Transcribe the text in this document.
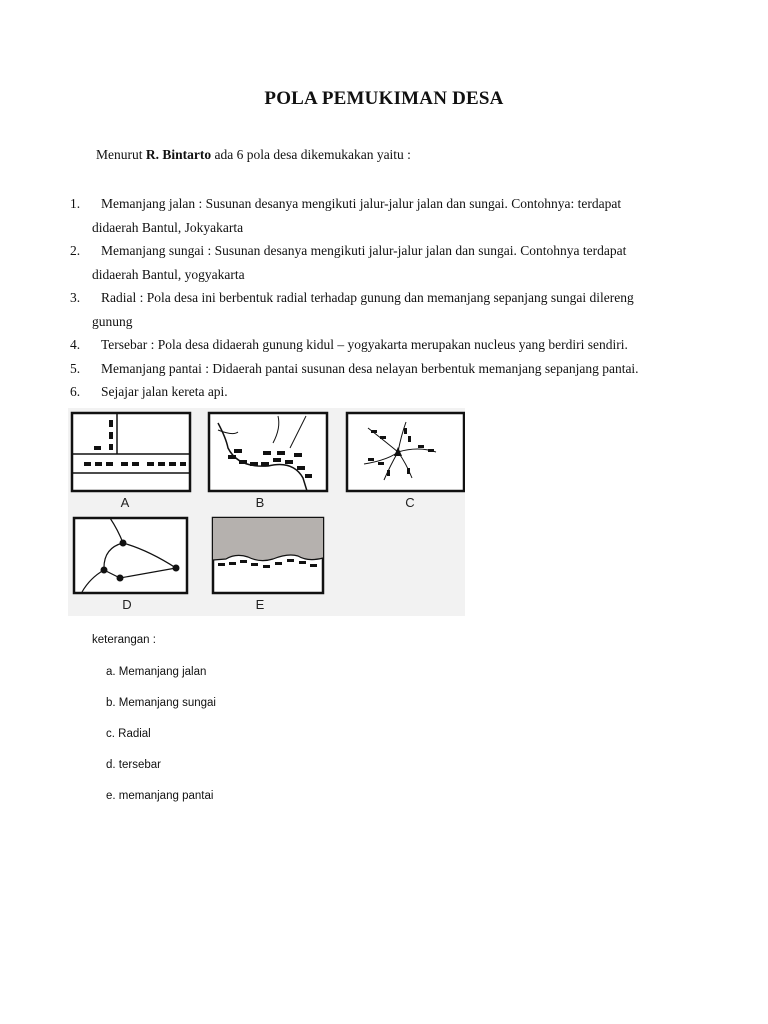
POLA PEMUKIMAN DESA
Menurut R. Bintarto ada 6 pola desa dikemukakan yaitu :
1.	Memanjang jalan : Susunan desanya mengikuti jalur-jalur jalan dan sungai. Contohnya: terdapat
didaerah Bantul, Jokyakarta
2.	Memanjang sungai : Susunan desanya mengikuti jalur-jalur jalan dan sungai. Contohnya terdapat
didaerah Bantul, yogyakarta
3.	Radial : Pola desa ini berbentuk radial terhadap gunung dan memanjang sepanjang sungai dilereng
gunung
4.	Tersebar : Pola desa didaerah gunung kidul – yogyakarta merupakan nucleus yang berdiri sendiri.
5.	Memanjang pantai : Didaerah pantai susunan desa nelayan berbentuk memanjang sepanjang pantai.
6.	Sejajar jalan kereta api.
A	B	C
D	E
keterangan :
a. Memanjang jalan
b. Memanjang sungai
c. Radial
d. tersebar
e. memanjang pantai
